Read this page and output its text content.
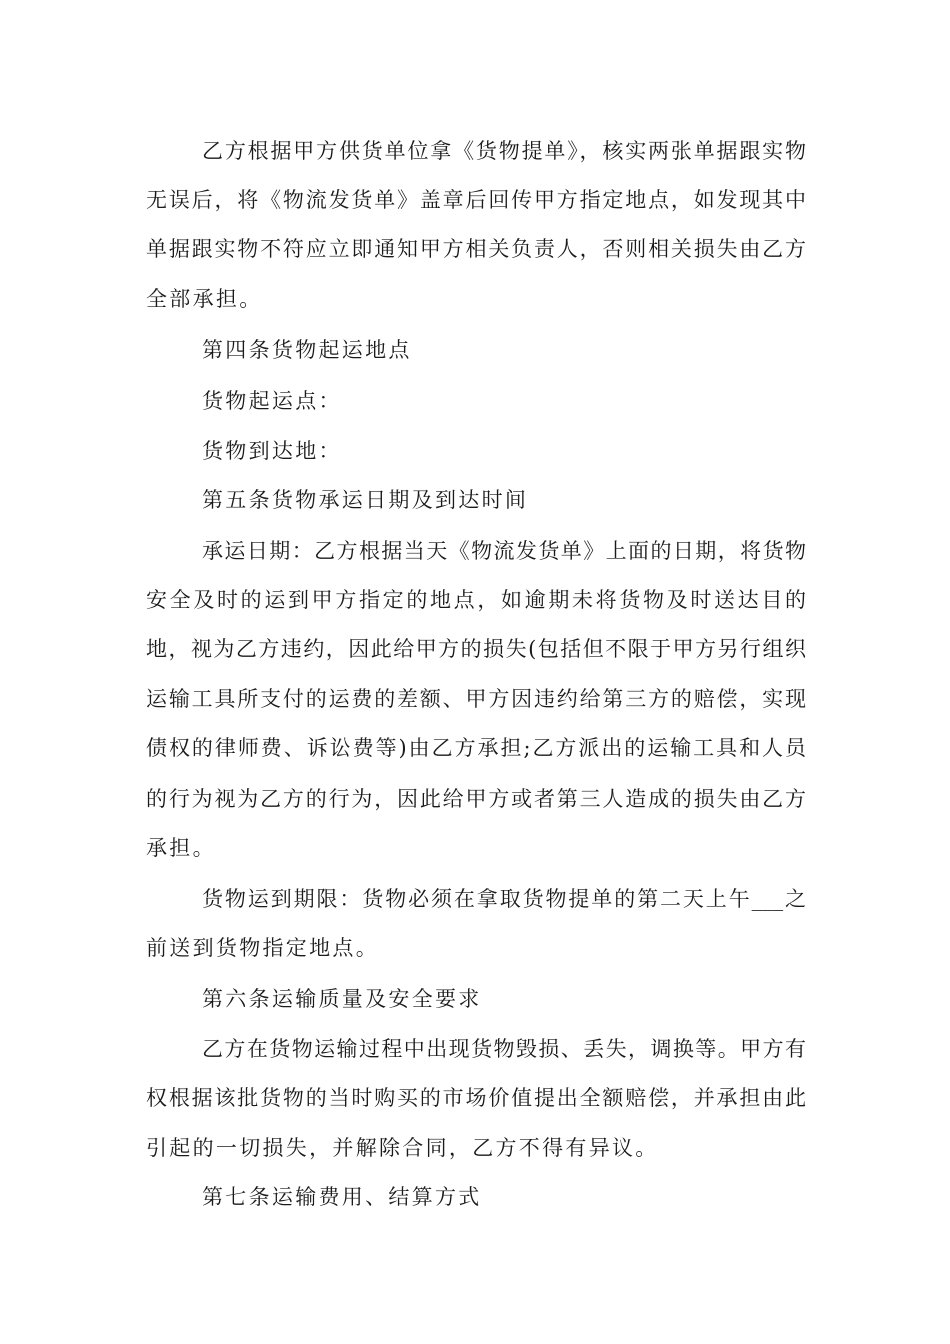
乙方根据甲方供货单位拿《货物提单》，核实两张单据跟实物
无误后，将《物流发货单》盖章后回传甲方指定地点，如发现其中
单据跟实物不符应立即通知甲方相关负责人，否则相关损失由乙方
全部承担。
第四条货物起运地点
货物起运点：
货物到达地：
第五条货物承运日期及到达时间
承运日期：乙方根据当天《物流发货单》上面的日期，将货物
安全及时的运到甲方指定的地点，如逾期未将货物及时送达目的
地，视为乙方违约，因此给甲方的损失(包括但不限于甲方另行组织
运输工具所支付的运费的差额、甲方因违约给第三方的赔偿，实现
债权的律师费、诉讼费等)由乙方承担;乙方派出的运输工具和人员
的行为视为乙方的行为，因此给甲方或者第三人造成的损失由乙方
承担。
货物运到期限：货物必须在拿取货物提单的第二天上午___之
前送到货物指定地点。
第六条运输质量及安全要求
乙方在货物运输过程中出现货物毁损、丢失，调换等。甲方有
权根据该批货物的当时购买的市场价值提出全额赔偿，并承担由此
引起的一切损失，并解除合同，乙方不得有异议。
第七条运输费用、结算方式
